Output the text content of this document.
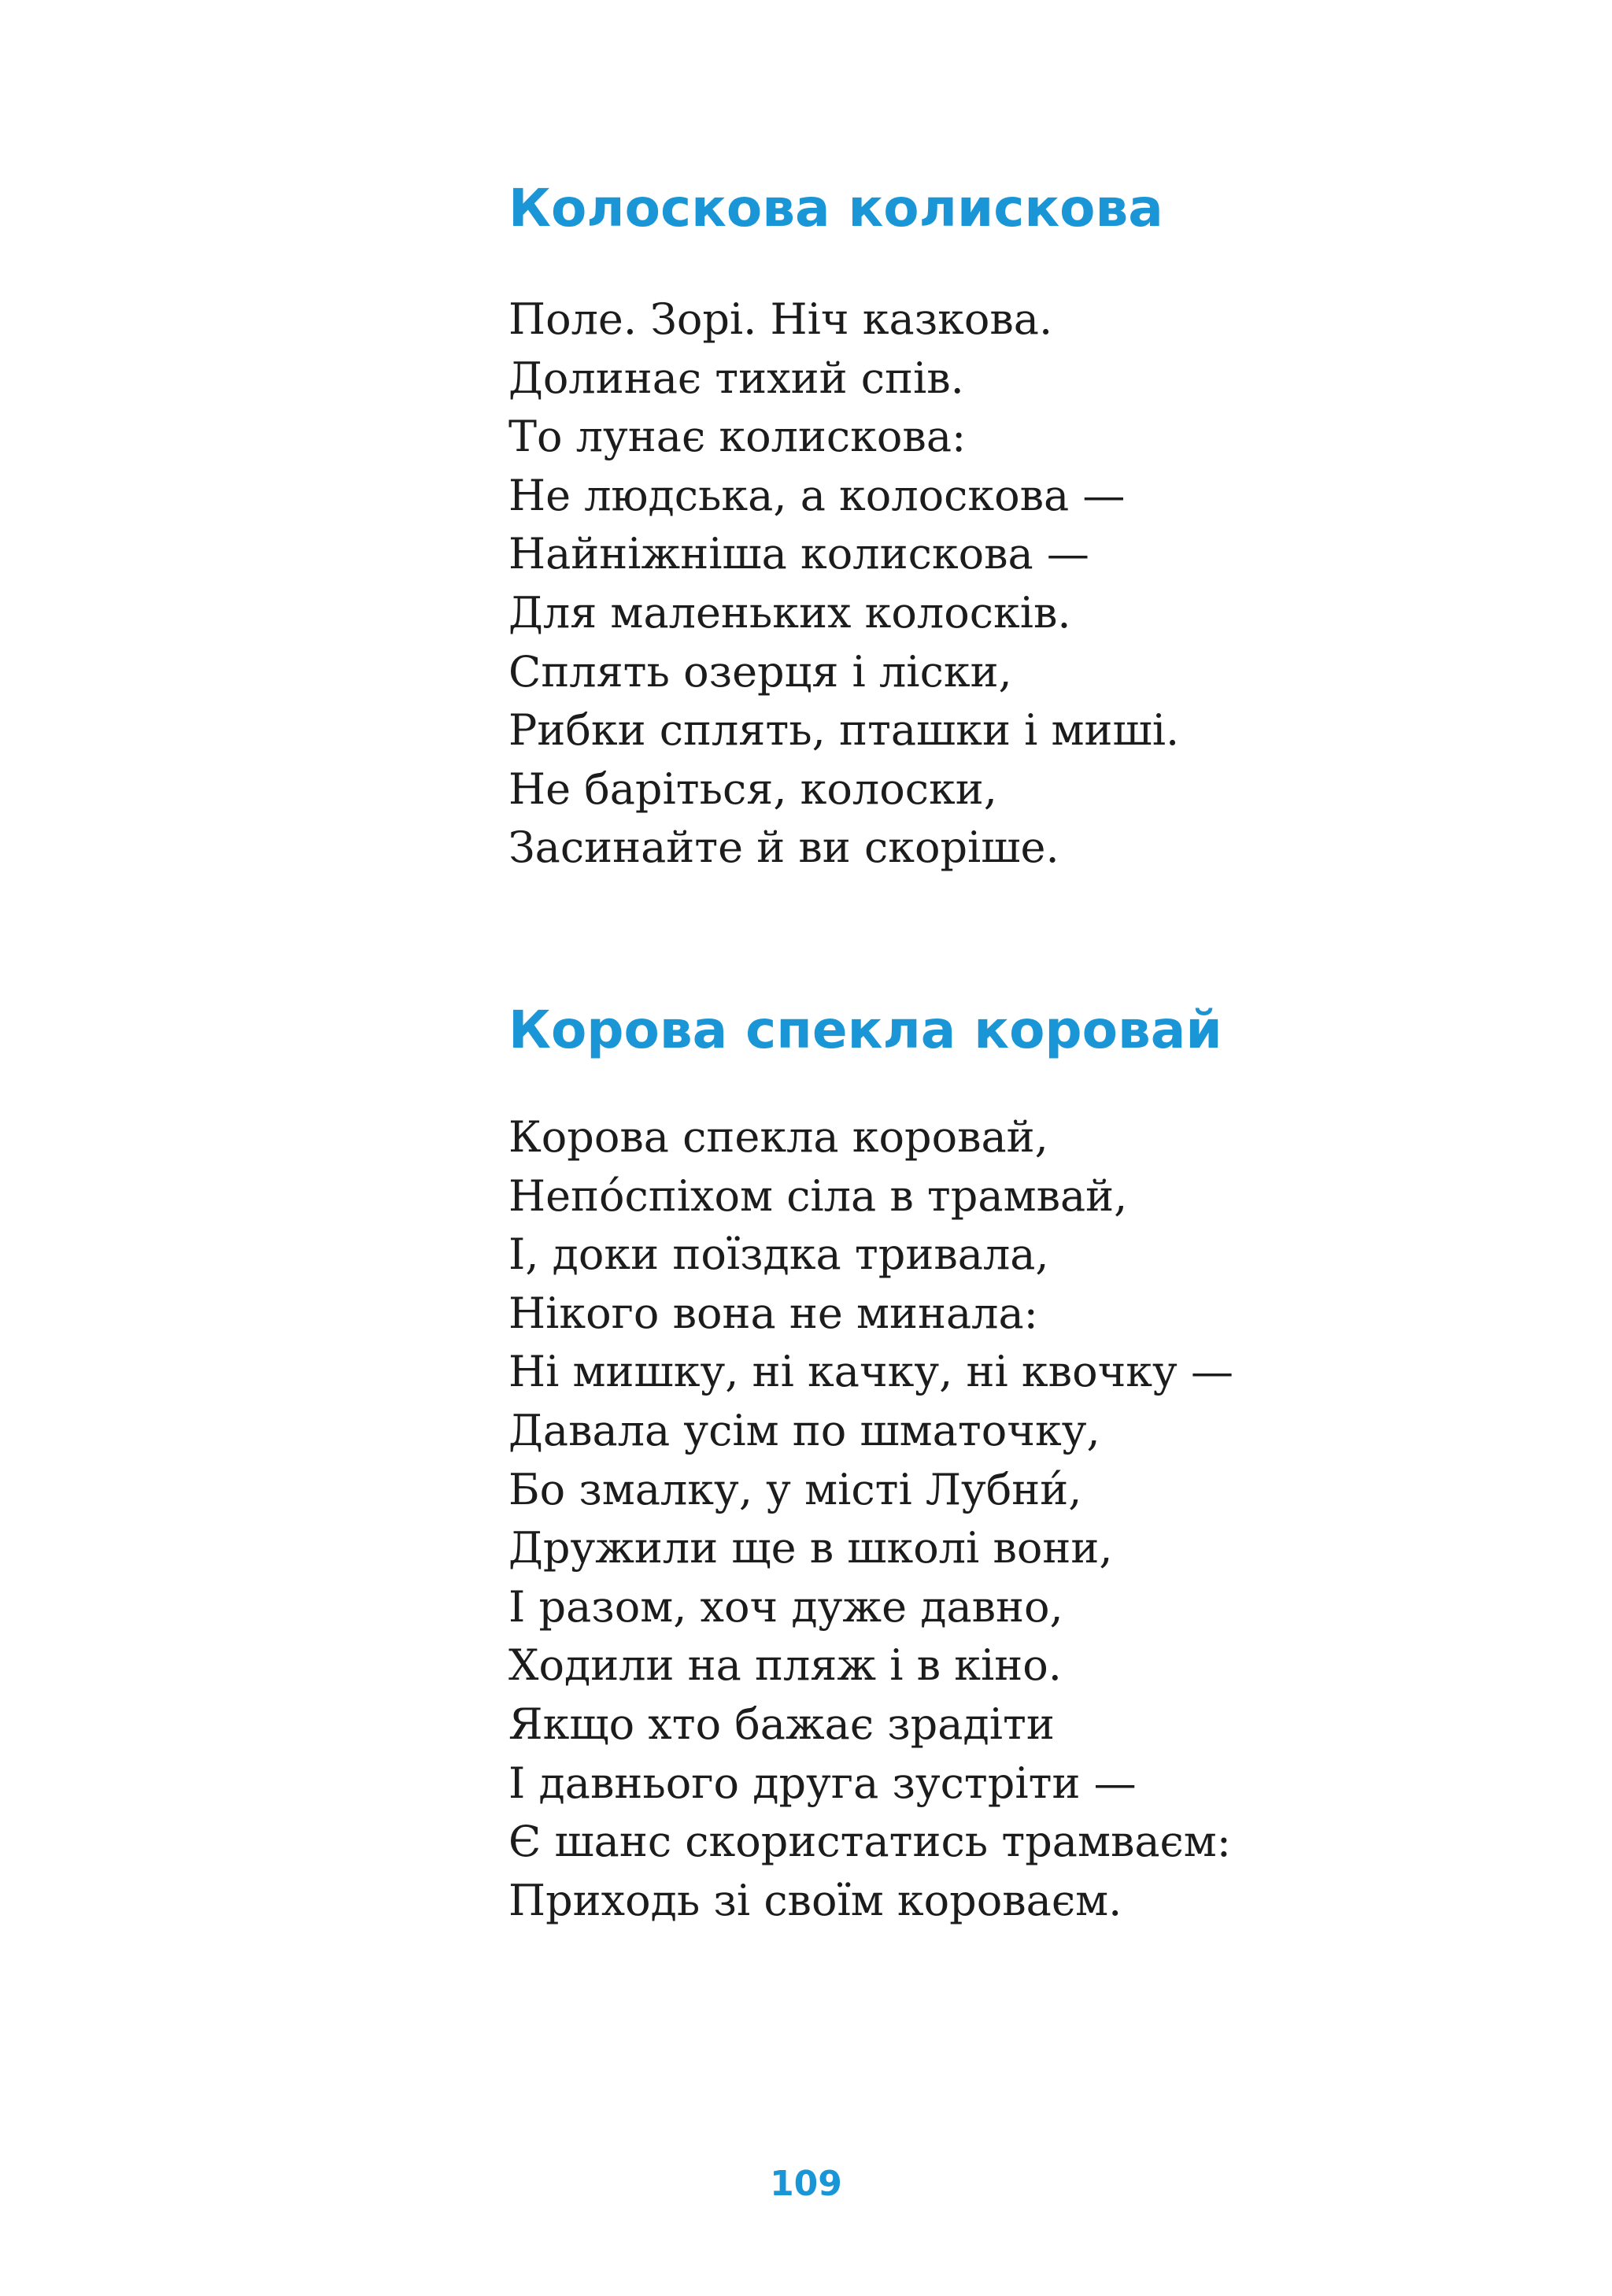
Колоскова колискова
Поле. Зорі. Ніч казкова.
Долинає тихий спів.
То лунає колискова:
Не людська, а колоскова —
Найніжніша колискова —
Для маленьких колосків.
Сплять озерця і ліски,
Рибки сплять, пташки і миші.
Не баріться, колоски,
Засинайте й ви скоріше.
Корова спекла коровай
Корова спекла коровай,
Непо́спіхом сіла в трамвай,
І, доки поїздка тривала,
Нікого вона не минала:
Ні мишку, ні качку, ні квочку —
Давала усім по шматочку,
Бо змалку, у місті Лубни́,
Дружили ще в школі вони,
І разом, хоч дуже давно,
Ходили на пляж і в кіно.
Якщо хто бажає зрадіти
І давнього друга зустріти —
Є шанс скористатись трамваєм:
Приходь зі своїм короваєм.
109
